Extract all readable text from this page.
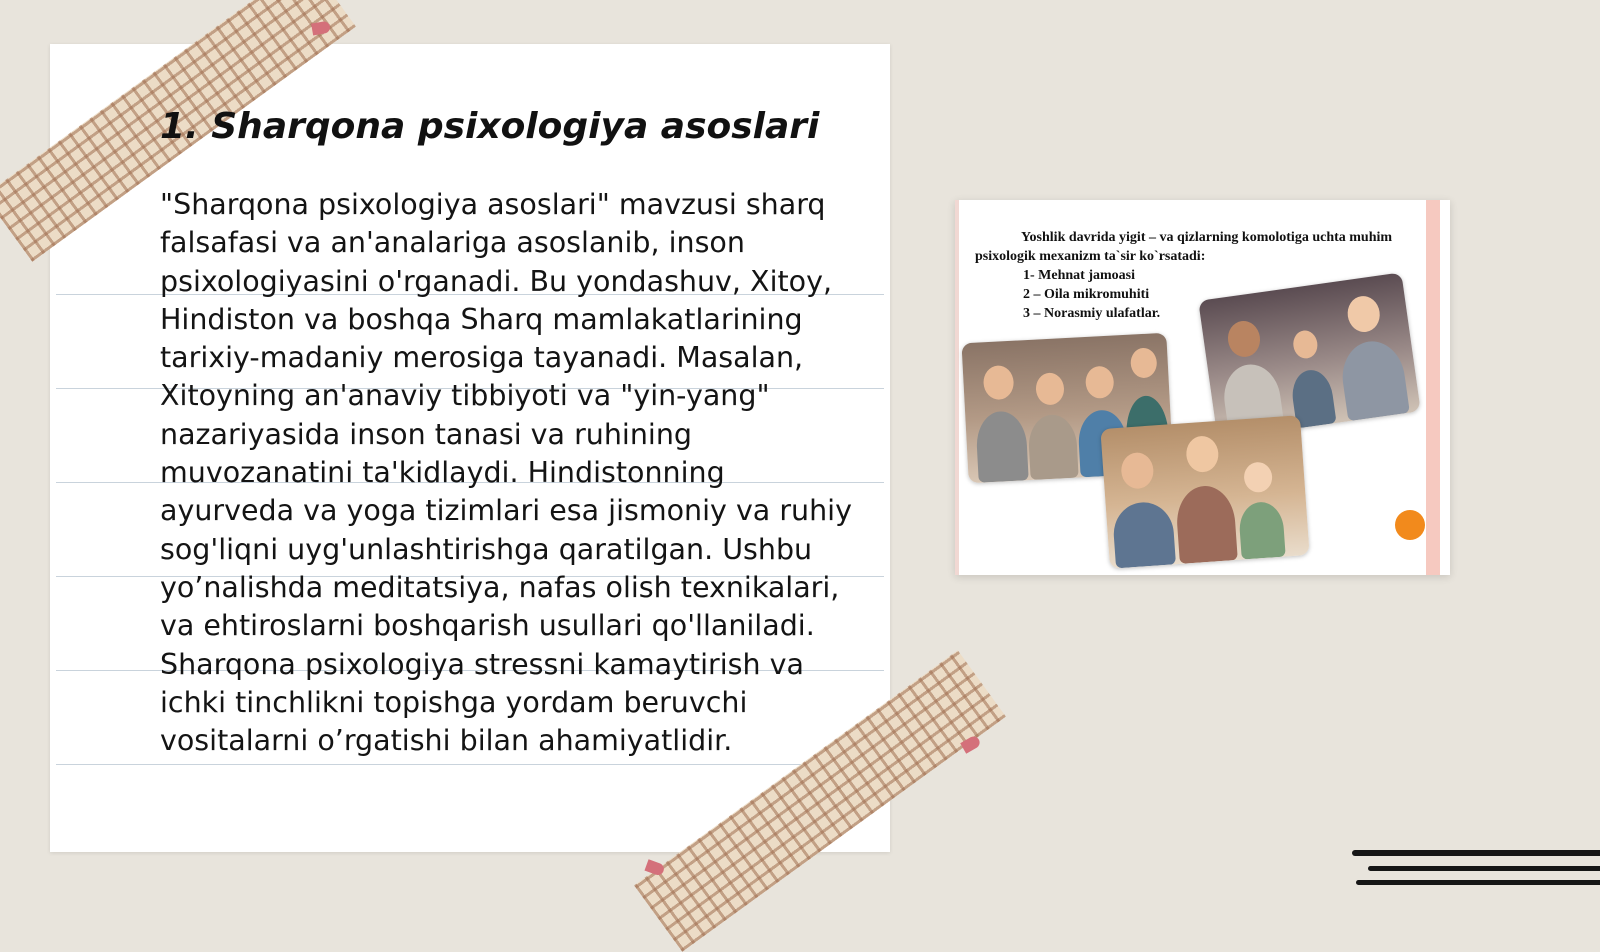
1. Sharqona psixologiya asoslari

"Sharqona psixologiya asoslari" mavzusi sharq falsafasi va an'analariga asoslanib, inson psixologiyasini o'rganadi. Bu yondashuv, Xitoy, Hindiston va boshqa Sharq mamlakatlarining tarixiy-madaniy merosiga tayanadi. Masalan, Xitoyning an'anaviy tibbiyoti va "yin-yang" nazariyasida inson tanasi va ruhining muvozanatini ta'kidlaydi. Hindistonning ayurveda va yoga tizimlari esa jismoniy va ruhiy sog'liqni uyg'unlashtirishga qaratilgan. Ushbu yo’nalishda meditatsiya, nafas olish texnikalari, va ehtiroslarni boshqarish usullari qo'llaniladi. Sharqona psixologiya stressni kamaytirish va ichki tinchlikni topishga yordam beruvchi vositalarni o’rgatishi bilan ahamiyatlidir.

Yoshlik davrida yigit – va qizlarning komolotiga uchta muhim psixologik mexanizm ta`sir ko`rsatadi:

1- Mehnat jamoasi
2 – Oila mikromuhiti
3 – Norasmiy ulafatlar.
